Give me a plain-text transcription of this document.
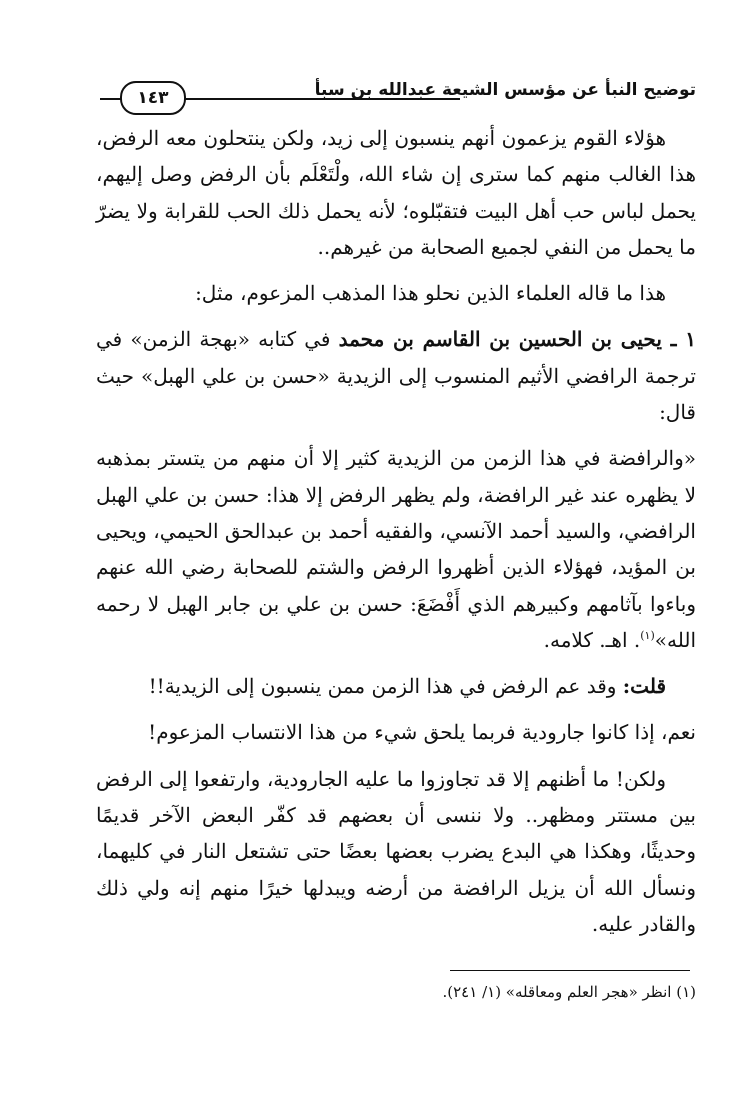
١٤٣	توضيح النبأ عن مؤسس الشيعة عبدالله بن سبأ

هؤلاء القوم يزعمون أنهم ينسبون إلى زيد، ولكن ينتحلون معه الرفض، هذا الغالب منهم كما سترى إن شاء الله، ولْتَعْلَم بأن الرفض وصل إليهم، يحمل لباس حب أهل البيت فتقبّلوه؛ لأنه يحمل ذلك الحب للقرابة ولا يضرّ ما يحمل من النفي لجميع الصحابة من غيرهم..

هذا ما قاله العلماء الذين نحلو هذا المذهب المزعوم، مثل:

١ ـ يحيى بن الحسين بن القاسم بن محمد في كتابه «بهجة الزمن» في ترجمة الرافضي الأثيم المنسوب إلى الزيدية «حسن بن علي الهبل» حيث قال:

«والرافضة في هذا الزمن من الزيدية كثير إلا أن منهم من يتستر بمذهبه لا يظهره عند غير الرافضة، ولم يظهر الرفض إلا هذا: حسن بن علي الهبل الرافضي، والسيد أحمد الآنسي، والفقيه أحمد بن عبدالحق الحيمي، ويحيى بن المؤيد، فهؤلاء الذين أظهروا الرفض والشتم للصحابة رضي الله عنهم وباءوا بآثامهم وكبيرهم الذي أَفْضَعَ: حسن بن علي بن جابر الهبل لا رحمه الله»$^{(١)}$. اهـ. كلامه.

قلت: وقد عم الرفض في هذا الزمن ممن ينسبون إلى الزيدية!!

نعم، إذا كانوا جارودية فربما يلحق شيء من هذا الانتساب المزعوم!

ولكن! ما أظنهم إلا قد تجاوزوا ما عليه الجارودية، وارتفعوا إلى الرفض بين مستتر ومظهر.. ولا ننسى أن بعضهم قد كفّر البعض الآخر قديمًا وحديثًا، وهكذا هي البدع يضرب بعضها بعضًا حتى تشتعل النار في كليهما، ونسأل الله أن يزيل الرافضة من أرضه ويبدلها خيرًا منهم إنه ولي ذلك والقادر عليه.

(١) انظر «هجر العلم ومعاقله» (١/ ٢٤١).
